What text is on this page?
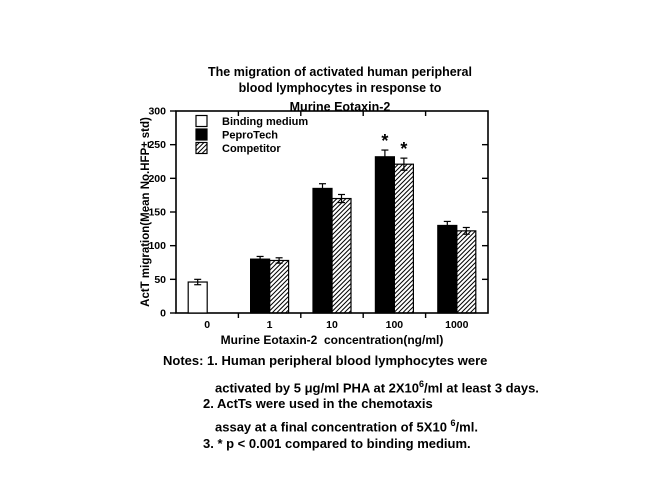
0
50
100
150
200
250
300
0	1	10
* *
100	1000
Murine Eotaxin-2  concentration(ng/ml)
ActT migration(Mean No.HFP± std)	Binding medium
PeproTech
Competitor
The migration of activated human peripheral
blood lymphocytes in response to
Murine Eotaxin-2
Notes: 1. Human peripheral blood lymphocytes were
activated by 5 μg/ml PHA at $2X10^6/ml$ at least 3 days.
2. ActTs were used in the chemotaxis
assay at a final concentration of 5X10 $^6$/ml.
3. * p < 0.001 compared to binding medium.
